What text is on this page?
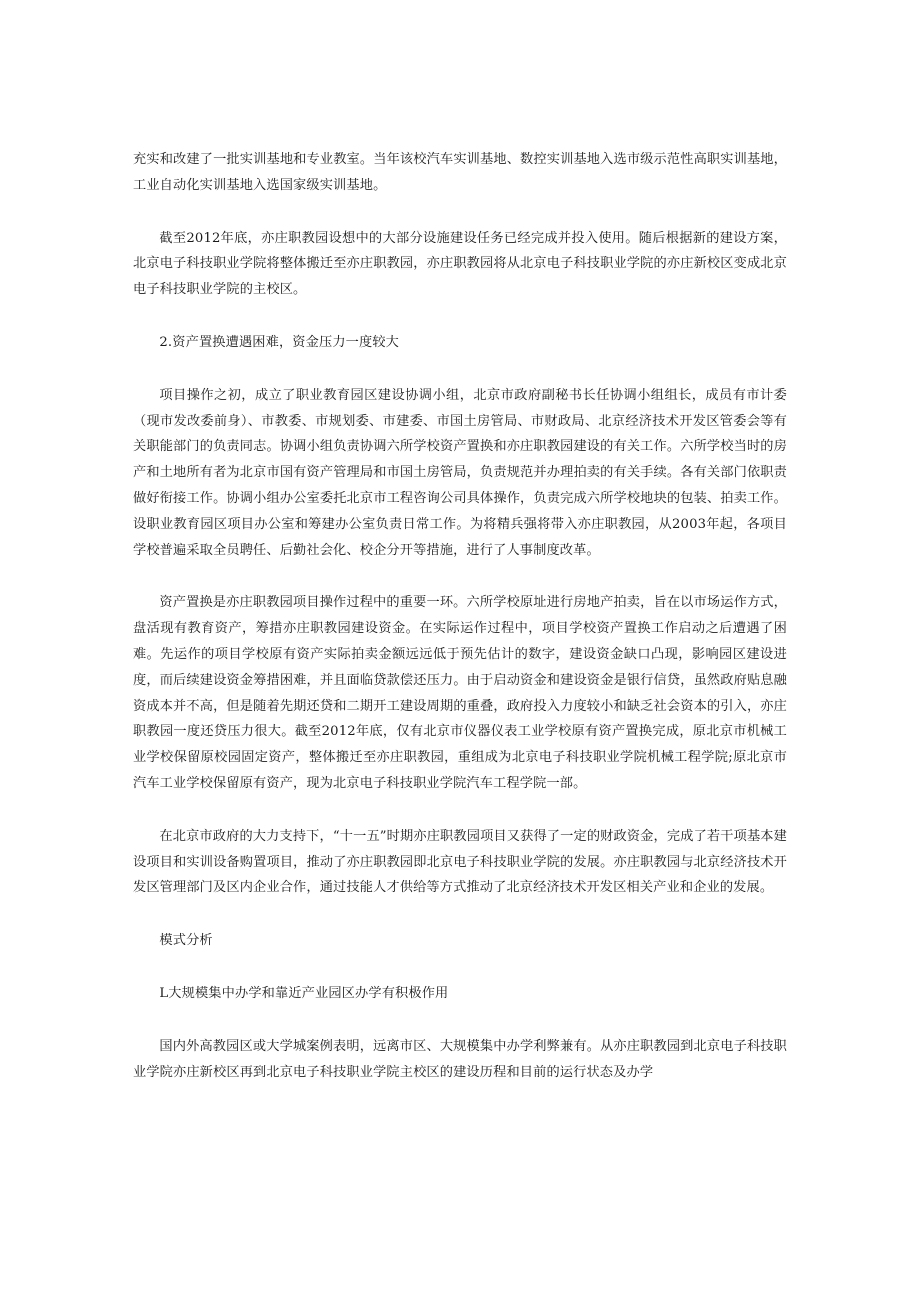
充实和改建了一批实训基地和专业教室。当年该校汽车实训基地、数控实训基地入选市级示范性高职实训基地，工业自动化实训基地入选国家级实训基地。

截至2012年底，亦庄职教园设想中的大部分设施建设任务已经完成并投入使用。随后根据新的建设方案，北京电子科技职业学院将整体搬迁至亦庄职教园，亦庄职教园将从北京电子科技职业学院的亦庄新校区变成北京电子科技职业学院的主校区。

2.资产置换遭遇困难，资金压力一度较大

项目操作之初，成立了职业教育园区建设协调小组，北京市政府副秘书长任协调小组组长，成员有市计委（现市发改委前身）、市教委、市规划委、市建委、市国土房管局、市财政局、北京经济技术开发区管委会等有关职能部门的负责同志。协调小组负责协调六所学校资产置换和亦庄职教园建设的有关工作。六所学校当时的房产和土地所有者为北京市国有资产管理局和市国土房管局，负责规范并办理拍卖的有关手续。各有关部门依职责做好衔接工作。协调小组办公室委托北京市工程咨询公司具体操作，负责完成六所学校地块的包装、拍卖工作。设职业教育园区项目办公室和筹建办公室负责日常工作。为将精兵强将带入亦庄职教园，从2003年起，各项目学校普遍采取全员聘任、后勤社会化、校企分开等措施，进行了人事制度改革。

资产置换是亦庄职教园项目操作过程中的重要一环。六所学校原址进行房地产拍卖，旨在以市场运作方式，盘活现有教育资产，筹措亦庄职教园建设资金。在实际运作过程中，项目学校资产置换工作启动之后遭遇了困难。先运作的项目学校原有资产实际拍卖金额远远低于预先估计的数字，建设资金缺口凸现，影响园区建设进度，而后续建设资金筹措困难，并且面临贷款偿还压力。由于启动资金和建设资金是银行信贷，虽然政府贴息融资成本并不高，但是随着先期还贷和二期开工建设周期的重叠，政府投入力度较小和缺乏社会资本的引入，亦庄职教园一度还贷压力很大。截至2012年底，仅有北京市仪器仪表工业学校原有资产置换完成，原北京市机械工业学校保留原校园固定资产，整体搬迁至亦庄职教园，重组成为北京电子科技职业学院机械工程学院;原北京市汽车工业学校保留原有资产，现为北京电子科技职业学院汽车工程学院一部。

在北京市政府的大力支持下，“十一五”时期亦庄职教园项目又获得了一定的财政资金，完成了若干项基本建设项目和实训设备购置项目，推动了亦庄职教园即北京电子科技职业学院的发展。亦庄职教园与北京经济技术开发区管理部门及区内企业合作，通过技能人才供给等方式推动了北京经济技术开发区相关产业和企业的发展。

模式分析

L大规模集中办学和靠近产业园区办学有积极作用

国内外高教园区或大学城案例表明，远离市区、大规模集中办学利弊兼有。从亦庄职教园到北京电子科技职业学院亦庄新校区再到北京电子科技职业学院主校区的建设历程和目前的运行状态及办学
